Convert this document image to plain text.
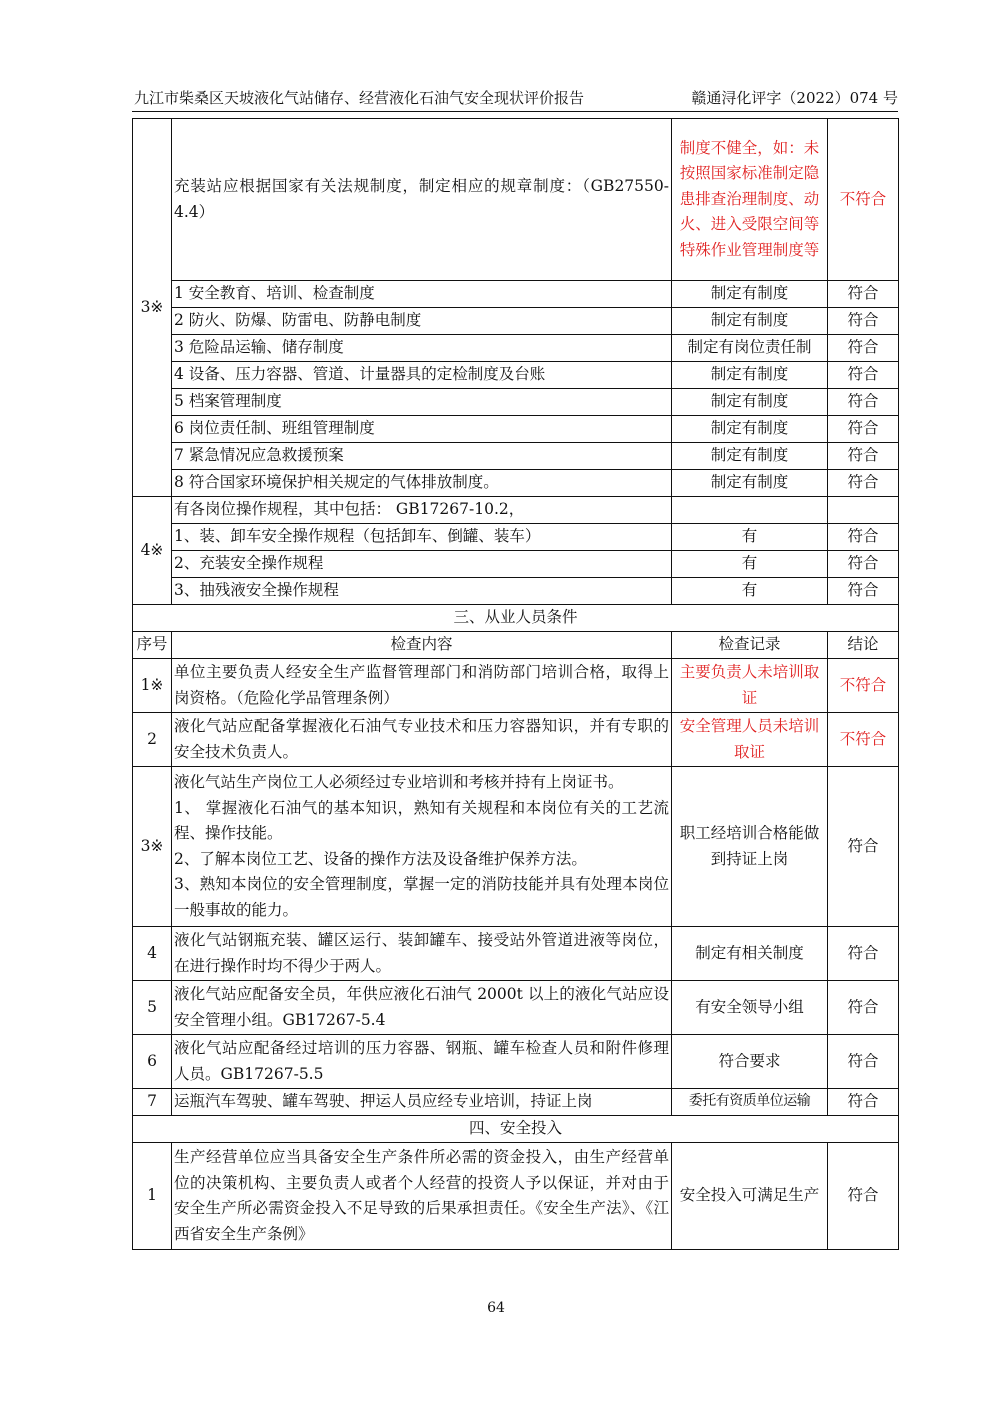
九江市柴桑区天坡液化气站储存、经营液化石油气安全现状评价报告	赣通浔化评字（2022）074 号
3※	充装站应根据国家有关法规制度，制定相应的规章制度：（GB27550-4.4）	制度不健全，如：未按照国家标准制定隐患排查治理制度、动火、进入受限空间等特殊作业管理制度等	不符合
	1 安全教育、培训、检查制度	制定有制度	符合
	2 防火、防爆、防雷电、防静电制度	制定有制度	符合
	3 危险品运输、储存制度	制定有岗位责任制	符合
	4 设备、压力容器、管道、计量器具的定检制度及台账	制定有制度	符合
	5 档案管理制度	制定有制度	符合
	6 岗位责任制、班组管理制度	制定有制度	符合
	7 紧急情况应急救援预案	制定有制度	符合
	8 符合国家环境保护相关规定的气体排放制度。	制定有制度	符合
4※	有各岗位操作规程，其中包括： GB17267-10.2，		
	1、装、卸车安全操作规程（包括卸车、倒罐、装车）	有	符合
	2、充装安全操作规程	有	符合
	3、抽残液安全操作规程	有	符合
三、从业人员条件			
序号	检查内容	检查记录	结论
1※	单位主要负责人经安全生产监督管理部门和消防部门培训合格，取得上岗资格。（危险化学品管理条例）	主要负责人未培训取证	不符合
2	液化气站应配备掌握液化石油气专业技术和压力容器知识，并有专职的安全技术负责人。	安全管理人员未培训取证	不符合
3※	液化气站生产岗位工人必须经过专业培训和考核并持有上岗证书。
1、 掌握液化石油气的基本知识，熟知有关规程和本岗位有关的工艺流程、操作技能。
2、了解本岗位工艺、设备的操作方法及设备维护保养方法。
3、熟知本岗位的安全管理制度，掌握一定的消防技能并具有处理本岗位一般事故的能力。	职工经培训合格能做到持证上岗	符合
4	液化气站钢瓶充装、罐区运行、装卸罐车、接受站外管道进液等岗位，在进行操作时均不得少于两人。	制定有相关制度	符合
5	液化气站应配备安全员，年供应液化石油气 2000t 以上的液化气站应设安全管理小组。GB17267-5.4	有安全领导小组	符合
6	液化气站应配备经过培训的压力容器、钢瓶、罐车检查人员和附件修理人员。GB17267-5.5	符合要求	符合
7	运瓶汽车驾驶、罐车驾驶、押运人员应经专业培训，持证上岗	委托有资质单位运输	符合
四、安全投入			
1	生产经营单位应当具备安全生产条件所必需的资金投入，由生产经营单位的决策机构、主要负责人或者个人经营的投资人予以保证，并对由于安全生产所必需资金投入不足导致的后果承担责任。《安全生产法》、《江西省安全生产条例》	安全投入可满足生产	符合
64
